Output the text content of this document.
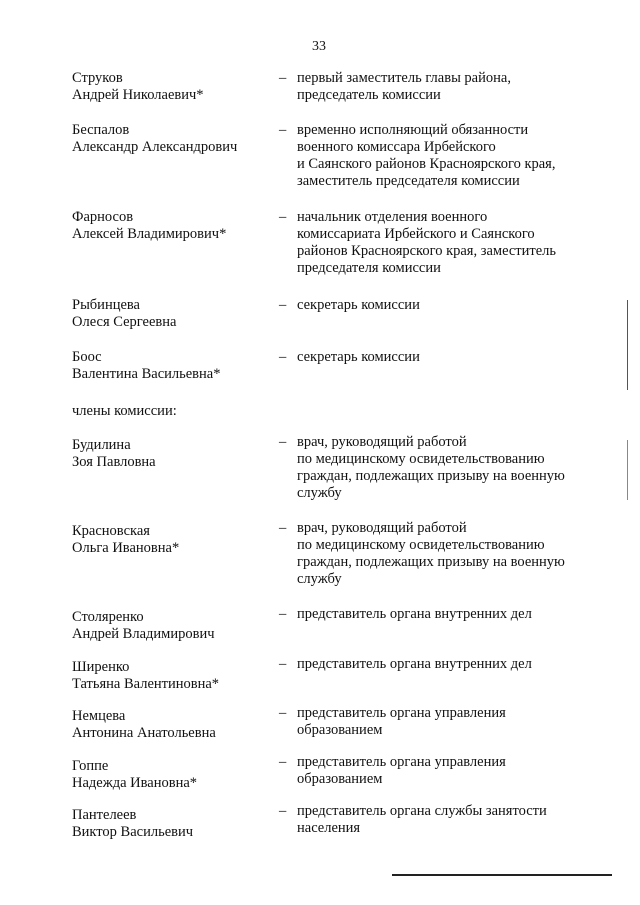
33
Струков
Андрей Николаевич*
– первый заместитель главы района,
председатель комиссии
Беспалов
Александр Александрович
– временно исполняющий обязанности
военного комиссара Ирбейского
и Саянского районов Красноярского края,
заместитель председателя комиссии
Фарносов
Алексей Владимирович*
– начальник отделения военного
комиссариата Ирбейского и Саянского
районов Красноярского края, заместитель
председателя комиссии
Рыбинцева
Олеся Сергеевна
– секретарь комиссии
Боос
Валентина Васильевна*
– секретарь комиссии
члены комиссии:
Будилина
Зоя Павловна
– врач, руководящий работой
по медицинскому освидетельствованию
граждан, подлежащих призыву на военную
службу
Красновская
Ольга Ивановна*
– врач, руководящий работой
по медицинскому освидетельствованию
граждан, подлежащих призыву на военную
службу
Столяренко
Андрей Владимирович
– представитель органа внутренних дел
Ширенко
Татьяна Валентиновна*
– представитель органа внутренних дел
Немцева
Антонина Анатольевна
– представитель органа управления
образованием
Гоппе
Надежда Ивановна*
– представитель органа управления
образованием
Пантелеев
Виктор Васильевич
– представитель органа службы занятости
населения
